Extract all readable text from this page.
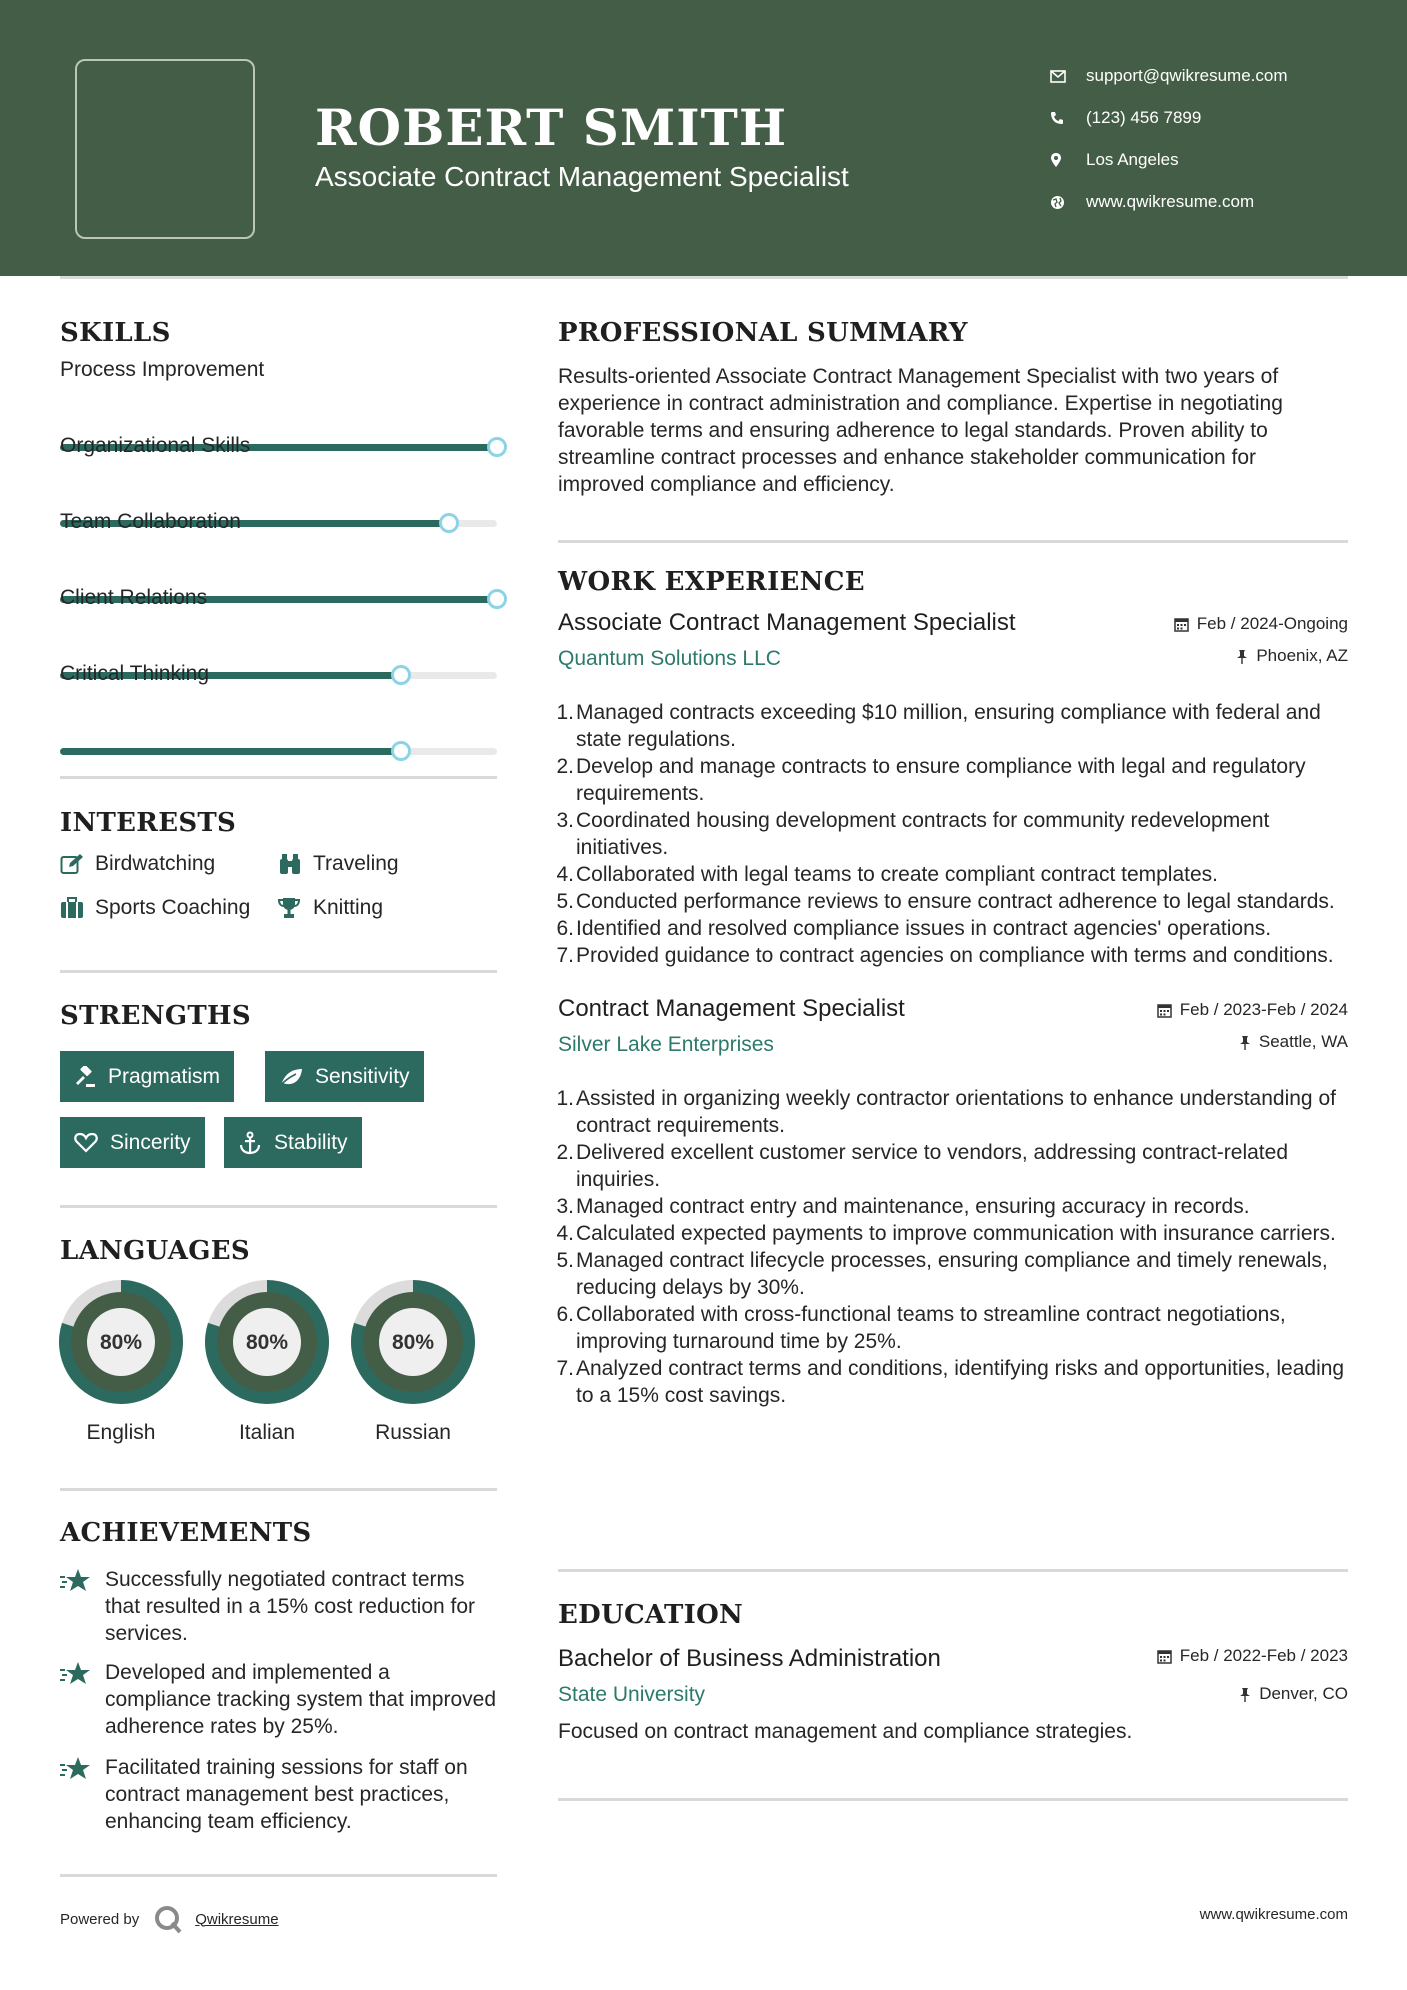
ROBERT SMITH
Associate Contract Management Specialist
support@qwikresume.com
(123) 456 7899
Los Angeles
www.qwikresume.com
SKILLS
Process Improvement
Organizational Skills
Team Collaboration
Client Relations
Critical Thinking
INTERESTS
Birdwatching	Traveling
Sports Coaching	Knitting
STRENGTHS
Pragmatism	Sensitivity
Sincerity	Stability
LANGUAGES
80%
English
80%
Italian
80%
Russian
ACHIEVEMENTS
Successfully negotiated contract terms that resulted in a 15% cost reduction for services.
Developed and implemented a compliance tracking system that improved adherence rates by 25%.
Facilitated training sessions for staff on contract management best practices, enhancing team efficiency.
PROFESSIONAL SUMMARY
Results-oriented Associate Contract Management Specialist with two years of experience in contract administration and compliance. Expertise in negotiating favorable terms and ensuring adherence to legal standards. Proven ability to streamline contract processes and enhance stakeholder communication for improved compliance and efficiency.
WORK EXPERIENCE
Associate Contract Management Specialist
Quantum Solutions LLC
Feb / 2024-Ongoing
Phoenix, AZ
1. Managed contracts exceeding $10 million, ensuring compliance with federal and state regulations.
2. Develop and manage contracts to ensure compliance with legal and regulatory requirements.
3. Coordinated housing development contracts for community redevelopment initiatives.
4. Collaborated with legal teams to create compliant contract templates.
5. Conducted performance reviews to ensure contract adherence to legal standards.
6. Identified and resolved compliance issues in contract agencies' operations.
7. Provided guidance to contract agencies on compliance with terms and conditions.
Contract Management Specialist
Silver Lake Enterprises
Feb / 2023-Feb / 2024
Seattle, WA
1. Assisted in organizing weekly contractor orientations to enhance understanding of contract requirements.
2. Delivered excellent customer service to vendors, addressing contract-related inquiries.
3. Managed contract entry and maintenance, ensuring accuracy in records.
4. Calculated expected payments to improve communication with insurance carriers.
5. Managed contract lifecycle processes, ensuring compliance and timely renewals, reducing delays by 30%.
6. Collaborated with cross-functional teams to streamline contract negotiations, improving turnaround time by 25%.
7. Analyzed contract terms and conditions, identifying risks and opportunities, leading to a 15% cost savings.
EDUCATION
Bachelor of Business Administration
State University
Feb / 2022-Feb / 2023
Denver, CO
Focused on contract management and compliance strategies.
Powered by	Qwikresume	www.qwikresume.com
